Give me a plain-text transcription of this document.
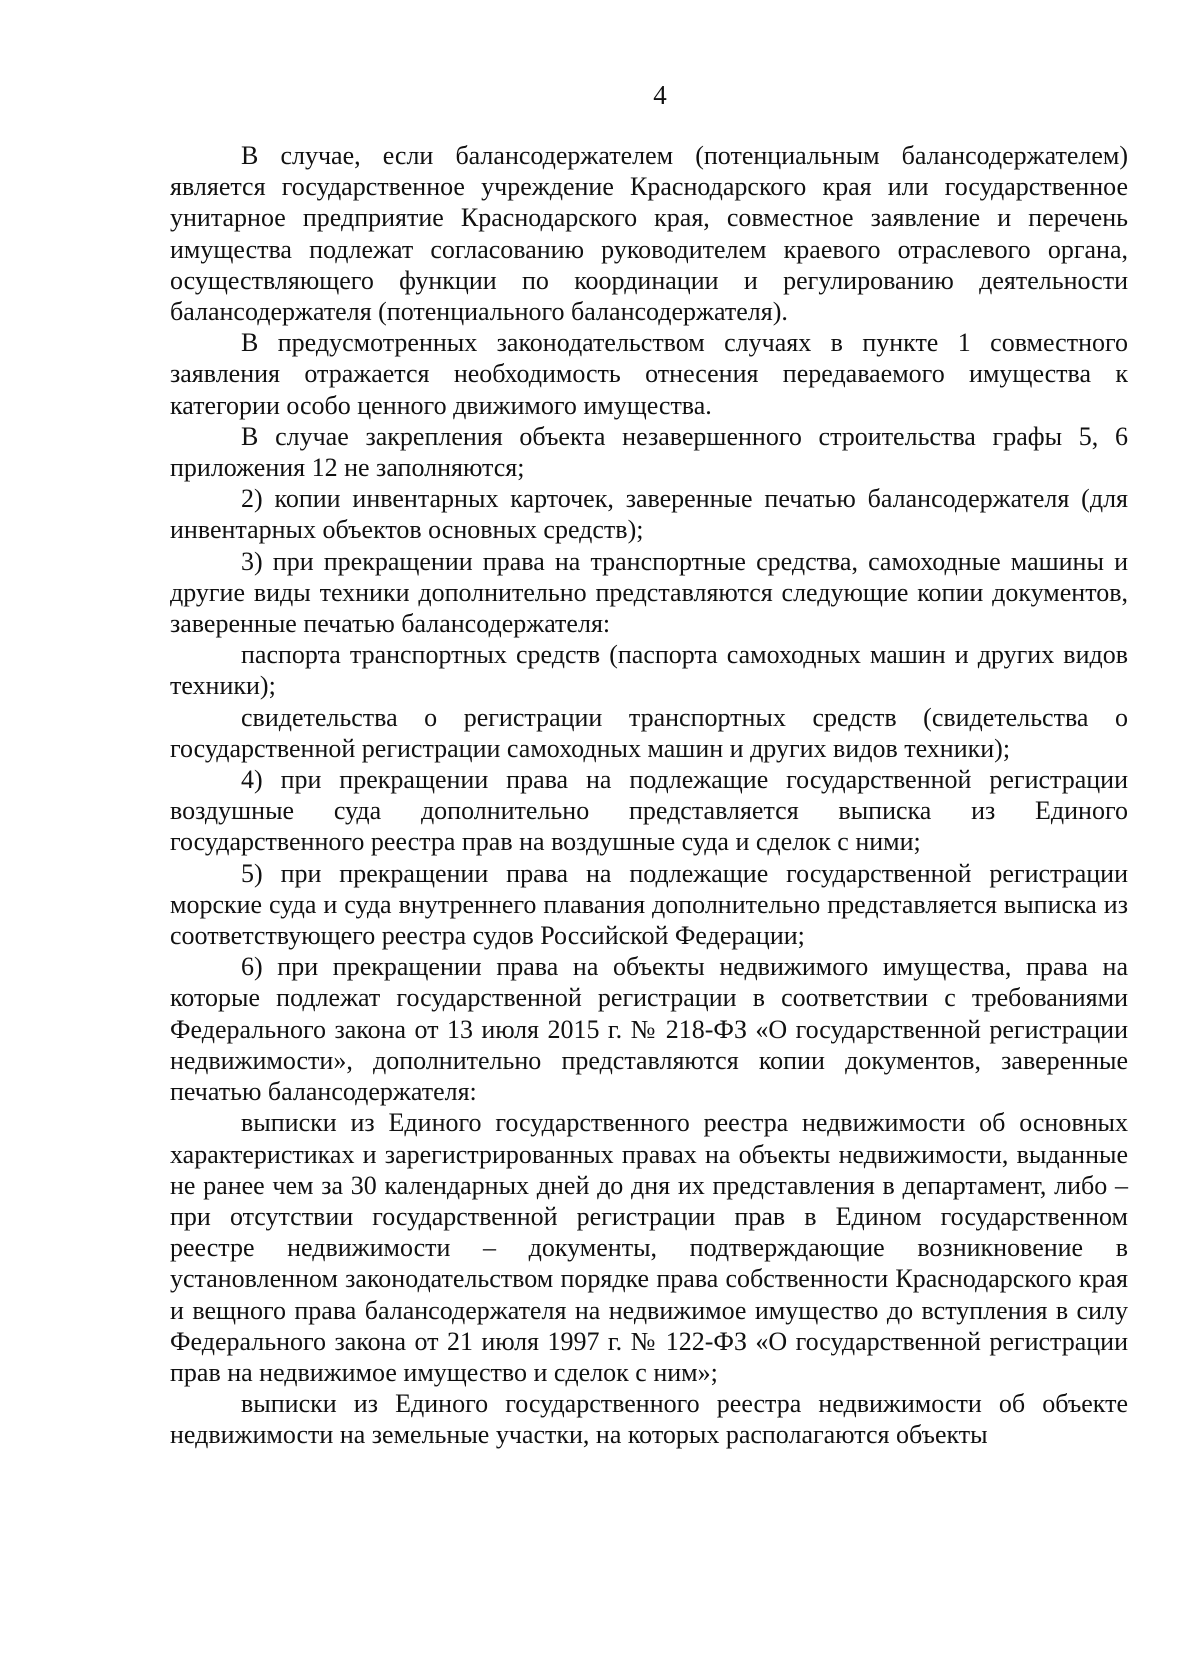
4

В случае, если балансодержателем (потенциальным балансодержателем) является государственное учреждение Краснодарского края или государственное унитарное предприятие Краснодарского края, совместное заявление и перечень имущества подлежат согласованию руководителем краевого отраслевого органа, осуществляющего функции по координации и регулированию деятельности балансодержателя (потенциального балансодержателя).

В предусмотренных законодательством случаях в пункте 1 совместного заявления отражается необходимость отнесения передаваемого имущества к категории особо ценного движимого имущества.

В случае закрепления объекта незавершенного строительства графы 5, 6 приложения 12 не заполняются;

2) копии инвентарных карточек, заверенные печатью балансодержателя (для инвентарных объектов основных средств);

3) при прекращении права на транспортные средства, самоходные машины и другие виды техники дополнительно представляются следующие копии документов, заверенные печатью балансодержателя:

паспорта транспортных средств (паспорта самоходных машин и других видов техники);

свидетельства о регистрации транспортных средств (свидетельства о государственной регистрации самоходных машин и других видов техники);

4) при прекращении права на подлежащие государственной регистрации воздушные суда дополнительно представляется выписка из Единого государственного реестра прав на воздушные суда и сделок с ними;

5) при прекращении права на подлежащие государственной регистрации морские суда и суда внутреннего плавания дополнительно представляется выписка из соответствующего реестра судов Российской Федерации;

6) при прекращении права на объекты недвижимого имущества, права на которые подлежат государственной регистрации в соответствии с требованиями Федерального закона от 13 июля 2015 г. № 218-ФЗ «О государственной регистрации недвижимости», дополнительно представляются копии документов, заверенные печатью балансодержателя:

выписки из Единого государственного реестра недвижимости об основных характеристиках и зарегистрированных правах на объекты недвижимости, выданные не ранее чем за 30 календарных дней до дня их представления в департамент, либо – при отсутствии государственной регистрации прав в Едином государственном реестре недвижимости – документы, подтверждающие возникновение в установленном законодательством порядке права собственности Краснодарского края и вещного права балансодержателя на недвижимое имущество до вступления в силу Федерального закона от 21 июля 1997 г. № 122-ФЗ «О государственной регистрации прав на недвижимое имущество и сделок с ним»;

выписки из Единого государственного реестра недвижимости об объекте недвижимости на земельные участки, на которых располагаются объекты
